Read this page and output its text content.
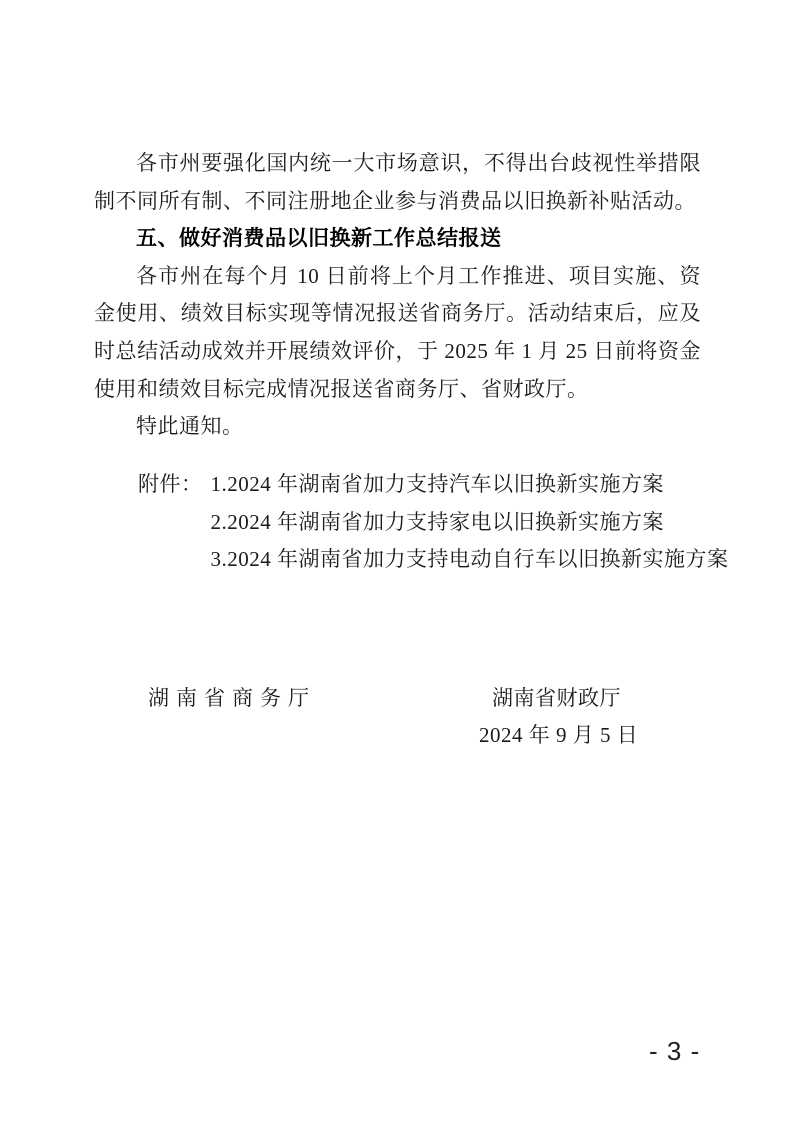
各市州要强化国内统一大市场意识，不得出台歧视性举措限制不同所有制、不同注册地企业参与消费品以旧换新补贴活动。

五、做好消费品以旧换新工作总结报送

各市州在每个月 10 日前将上个月工作推进、项目实施、资金使用、绩效目标实现等情况报送省商务厅。活动结束后，应及时总结活动成效并开展绩效评价，于 2025 年 1 月 25 日前将资金使用和绩效目标完成情况报送省商务厅、省财政厅。

特此通知。

附件： 1.2024 年湖南省加力支持汽车以旧换新实施方案
2.2024 年湖南省加力支持家电以旧换新实施方案
3.2024 年湖南省加力支持电动自行车以旧换新实施方案
湖南省商务厅	湖南省财政厅
2024 年 9 月 5 日
- 3 -
